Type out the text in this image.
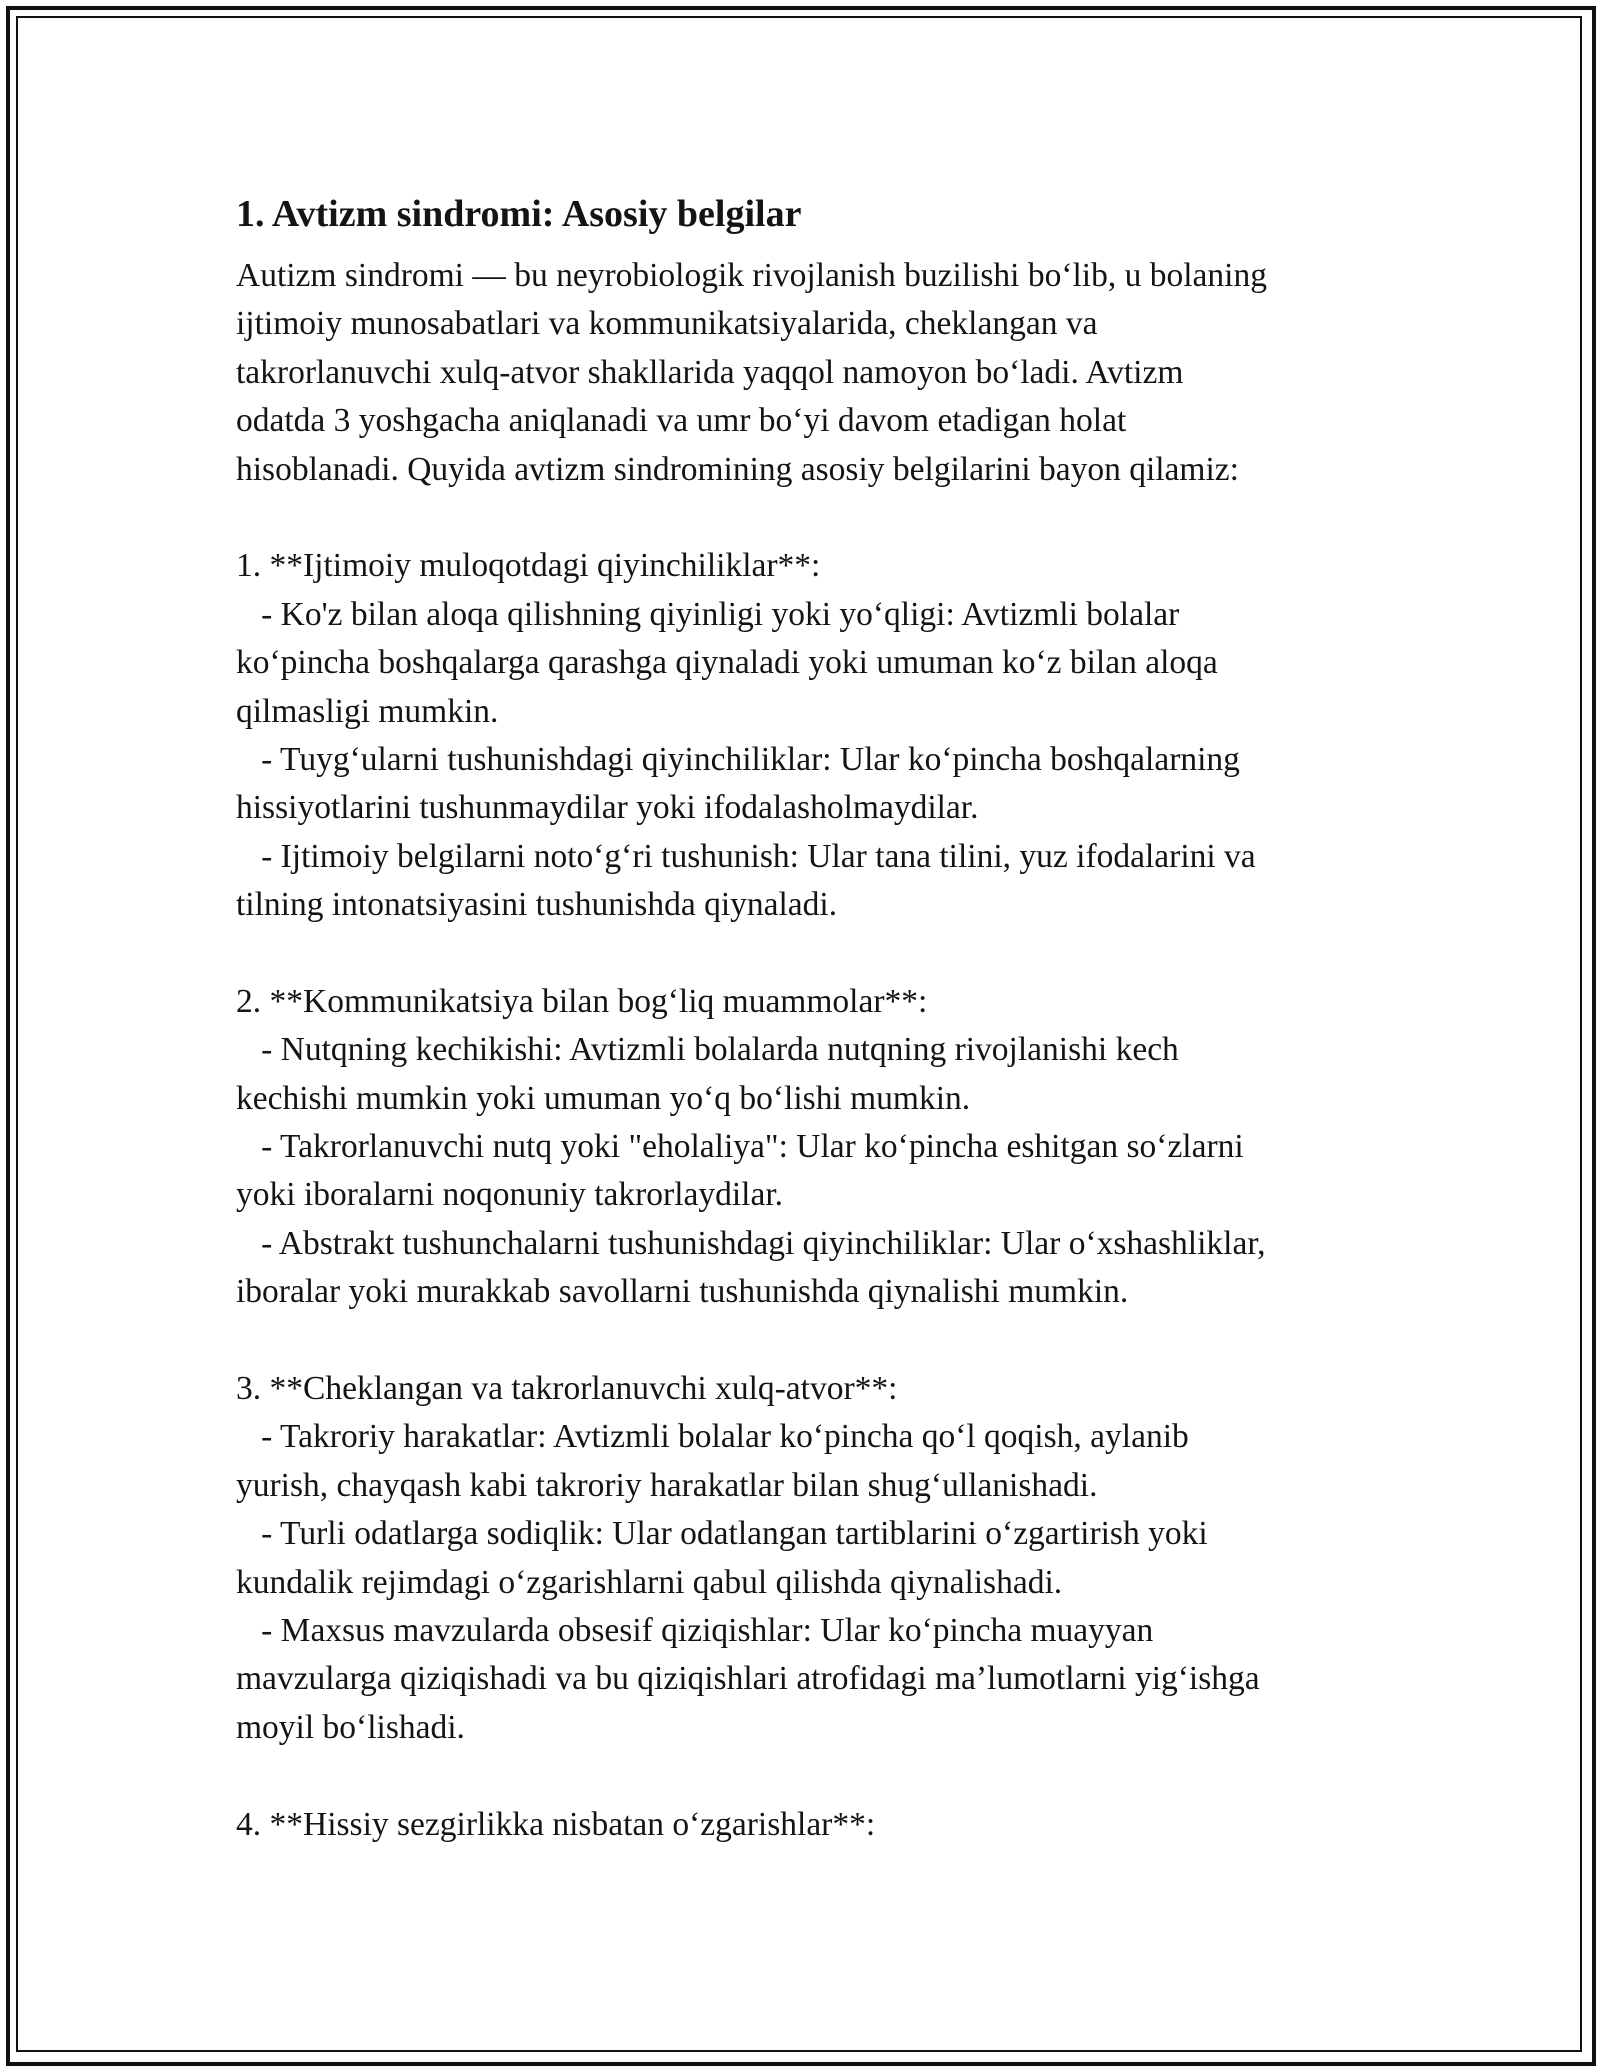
1. Avtizm sindromi: Asosiy belgilar
Autizm sindromi — bu neyrobiologik rivojlanish buzilishi bo‘lib, u bolaning
ijtimoiy munosabatlari va kommunikatsiyalarida, cheklangan va
takrorlanuvchi xulq-atvor shakllarida yaqqol namoyon bo‘ladi. Avtizm
odatda 3 yoshgacha aniqlanadi va umr bo‘yi davom etadigan holat
hisoblanadi. Quyida avtizm sindromining asosiy belgilarini bayon qilamiz:
1. **Ijtimoiy muloqotdagi qiyinchiliklar**:
- Ko'z bilan aloqa qilishning qiyinligi yoki yo‘qligi: Avtizmli bolalar
ko‘pincha boshqalarga qarashga qiynaladi yoki umuman ko‘z bilan aloqa
qilmasligi mumkin.
- Tuyg‘ularni tushunishdagi qiyinchiliklar: Ular ko‘pincha boshqalarning
hissiyotlarini tushunmaydilar yoki ifodalasholmaydilar.
- Ijtimoiy belgilarni noto‘g‘ri tushunish: Ular tana tilini, yuz ifodalarini va
tilning intonatsiyasini tushunishda qiynaladi.
2. **Kommunikatsiya bilan bog‘liq muammolar**:
- Nutqning kechikishi: Avtizmli bolalarda nutqning rivojlanishi kech
kechishi mumkin yoki umuman yo‘q bo‘lishi mumkin.
- Takrorlanuvchi nutq yoki "eholaliya": Ular ko‘pincha eshitgan so‘zlarni
yoki iboralarni noqonuniy takrorlaydilar.
- Abstrakt tushunchalarni tushunishdagi qiyinchiliklar: Ular o‘xshashliklar,
iboralar yoki murakkab savollarni tushunishda qiynalishi mumkin.
3. **Cheklangan va takrorlanuvchi xulq-atvor**:
- Takroriy harakatlar: Avtizmli bolalar ko‘pincha qo‘l qoqish, aylanib
yurish, chayqash kabi takroriy harakatlar bilan shug‘ullanishadi.
- Turli odatlarga sodiqlik: Ular odatlangan tartiblarini o‘zgartirish yoki
kundalik rejimdagi o‘zgarishlarni qabul qilishda qiynalishadi.
- Maxsus mavzularda obsesif qiziqishlar: Ular ko‘pincha muayyan
mavzularga qiziqishadi va bu qiziqishlari atrofidagi ma’lumotlarni yig‘ishga
moyil bo‘lishadi.
4. **Hissiy sezgirlikka nisbatan o‘zgarishlar**:
